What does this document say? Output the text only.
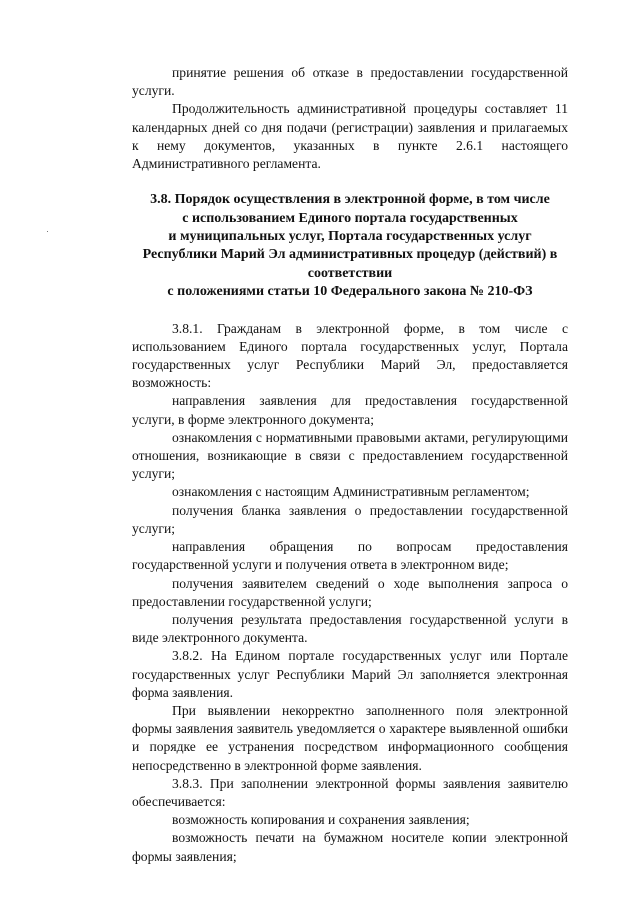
принятие решения об отказе в предоставлении государственной услуги.

Продолжительность административной процедуры составляет 11 календарных дней со дня подачи (регистрации) заявления и прилагаемых к нему документов, указанных в пункте 2.6.1 настоящего Административного регламента.

3.8. Порядок осуществления в электронной форме, в том числе
с использованием Единого портала государственных
и муниципальных услуг, Портала государственных услуг
Республики Марий Эл административных процедур (действий) в
соответствии
с положениями статьи 10 Федерального закона № 210-ФЗ

3.8.1. Гражданам в электронной форме, в том числе с использованием Единого портала государственных услуг, Портала государственных услуг Республики Марий Эл, предоставляется возможность:

направления заявления для предоставления государственной услуги, в форме электронного документа;

ознакомления с нормативными правовыми актами, регулирующими отношения, возникающие в связи с предоставлением государственной услуги;

ознакомления с настоящим Административным регламентом;

получения бланка заявления о предоставлении государственной услуги;

направления обращения по вопросам предоставления государственной услуги и получения ответа в электронном виде;

получения заявителем сведений о ходе выполнения запроса о предоставлении государственной услуги;

получения результата предоставления государственной услуги в виде электронного документа.

3.8.2. На Едином портале государственных услуг или Портале государственных услуг Республики Марий Эл заполняется электронная форма заявления.

При выявлении некорректно заполненного поля электронной формы заявления заявитель уведомляется о характере выявленной ошибки и порядке ее устранения посредством информационного сообщения непосредственно в электронной форме заявления.

3.8.3. При заполнении электронной формы заявления заявителю обеспечивается:

возможность копирования и сохранения заявления;

возможность печати на бумажном носителе копии электронной формы заявления;
